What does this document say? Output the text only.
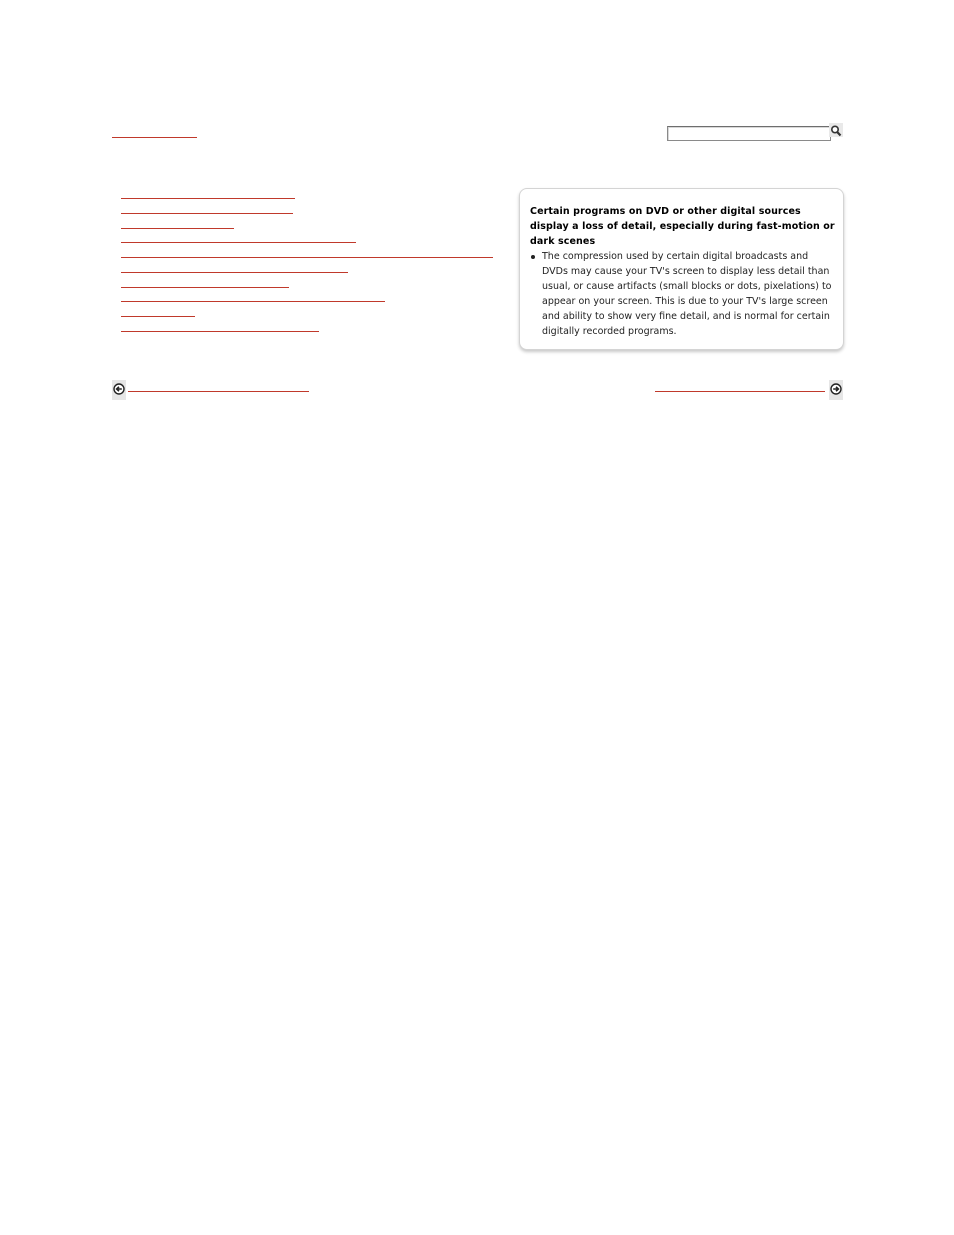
Certain programs on DVD or other digital sources display a loss of detail, especially during fast-motion or dark scenes
The compression used by certain digital broadcasts and DVDs may cause your TV's screen to display less detail than usual, or cause artifacts (small blocks or dots, pixelations) to appear on your screen. This is due to your TV's large screen and ability to show very fine detail, and is normal for certain digitally recorded programs.
